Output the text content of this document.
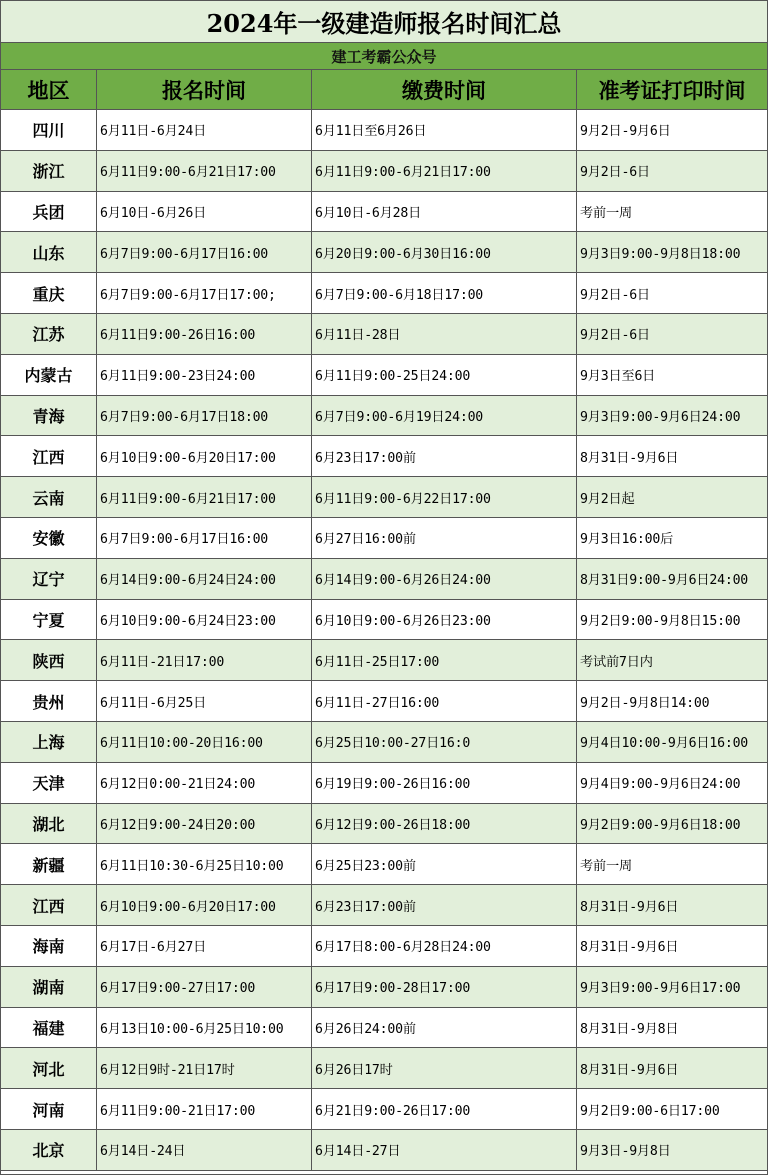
2024年一级建造师报名时间汇总
建工考霸公众号
地区	报名时间	缴费时间	准考证打印时间
四川	6月11日-6月24日	6月11日至6月26日	9月2日-9月6日
浙江	6月11日9:00-6月21日17:00	6月11日9:00-6月21日17:00	9月2日-6日
兵团	6月10日-6月26日	6月10日-6月28日	考前一周
山东	6月7日9:00-6月17日16:00	6月20日9:00-6月30日16:00	9月3日9:00-9月8日18:00
重庆	6月7日9:00-6月17日17:00;	6月7日9:00-6月18日17:00	9月2日-6日
江苏	6月11日9:00-26日16:00	6月11日-28日	9月2日-6日
内蒙古	6月11日9:00-23日24:00	6月11日9:00-25日24:00	9月3日至6日
青海	6月7日9:00-6月17日18:00	6月7日9:00-6月19日24:00	9月3日9:00-9月6日24:00
江西	6月10日9:00-6月20日17:00	6月23日17:00前	8月31日-9月6日
云南	6月11日9:00-6月21日17:00	6月11日9:00-6月22日17:00	9月2日起
安徽	6月7日9:00-6月17日16:00	6月27日16:00前	9月3日16:00后
辽宁	6月14日9:00-6月24日24:00	6月14日9:00-6月26日24:00	8月31日9:00-9月6日24:00
宁夏	6月10日9:00-6月24日23:00	6月10日9:00-6月26日23:00	9月2日9:00-9月8日15:00
陕西	6月11日-21日17:00	6月11日-25日17:00	考试前7日内
贵州	6月11日-6月25日	6月11日-27日16:00	9月2日-9月8日14:00
上海	6月11日10:00-20日16:00	6月25日10:00-27日16:0	9月4日10:00-9月6日16:00
天津	6月12日0:00-21日24:00	6月19日9:00-26日16:00	9月4日9:00-9月6日24:00
湖北	6月12日9:00-24日20:00	6月12日9:00-26日18:00	9月2日9:00-9月6日18:00
新疆	6月11日10:30-6月25日10:00	6月25日23:00前	考前一周
江西	6月10日9:00-6月20日17:00	6月23日17:00前	8月31日-9月6日
海南	6月17日-6月27日	6月17日8:00-6月28日24:00	8月31日-9月6日
湖南	6月17日9:00-27日17:00	6月17日9:00-28日17:00	9月3日9:00-9月6日17:00
福建	6月13日10:00-6月25日10:00	6月26日24:00前	8月31日-9月8日
河北	6月12日9时-21日17时	6月26日17时	8月31日-9月6日
河南	6月11日9:00-21日17:00	6月21日9:00-26日17:00	9月2日9:00-6日17:00
北京	6月14日-24日	6月14日-27日	9月3日-9月8日
